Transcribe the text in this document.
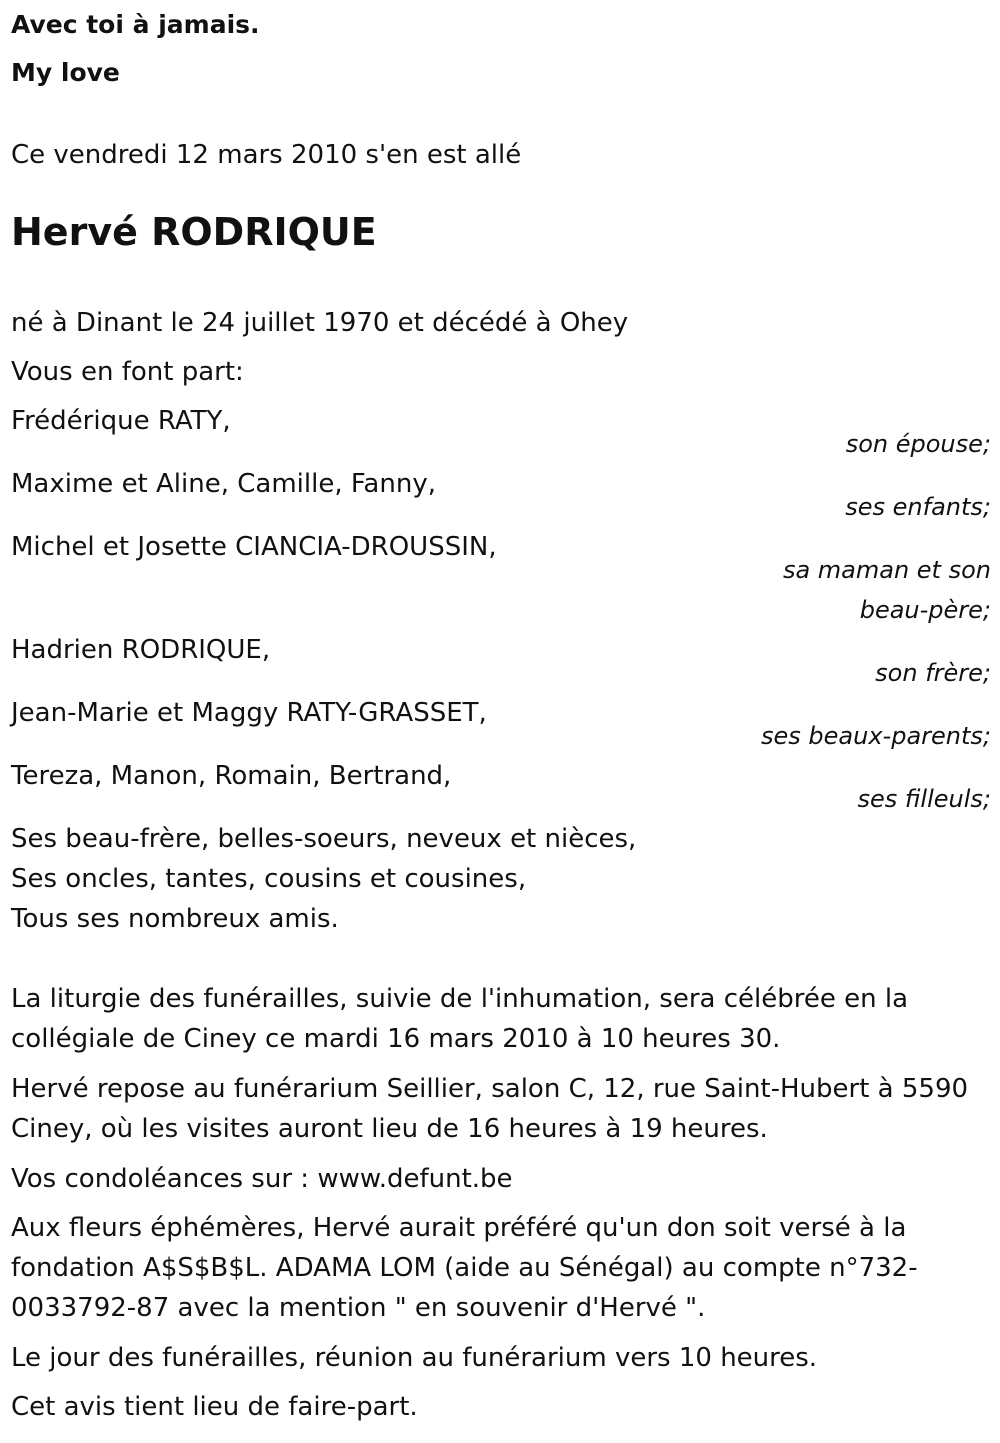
Avec toi à jamais.
My love
Ce vendredi 12 mars 2010 s'en est allé
Hervé RODRIQUE
né à Dinant le 24 juillet 1970 et décédé à Ohey
Vous en font part:
Frédérique RATY,
son épouse;
Maxime et Aline, Camille, Fanny,
ses enfants;
Michel et Josette CIANCIA-DROUSSIN,
sa maman et son
beau-père;
Hadrien RODRIQUE,
son frère;
Jean-Marie et Maggy RATY-GRASSET,
ses beaux-parents;
Tereza, Manon, Romain, Bertrand,
ses filleuls;
Ses beau-frère, belles-soeurs, neveux et nièces,
Ses oncles, tantes, cousins et cousines,
Tous ses nombreux amis.
La liturgie des funérailles, suivie de l'inhumation, sera célébrée en la collégiale de Ciney ce mardi 16 mars 2010 à 10 heures 30.
Hervé repose au funérarium Seillier, salon C, 12, rue Saint-Hubert à 5590 Ciney, où les visites auront lieu de 16 heures à 19 heures.
Vos condoléances sur : www.defunt.be
Aux fleurs éphémères, Hervé aurait préféré qu'un don soit versé à la fondation A$S$B$L. ADAMA LOM (aide au Sénégal) au compte n°732-0033792-87 avec la mention " en souvenir d'Hervé ".
Le jour des funérailles, réunion au funérarium vers 10 heures.
Cet avis tient lieu de faire-part.
